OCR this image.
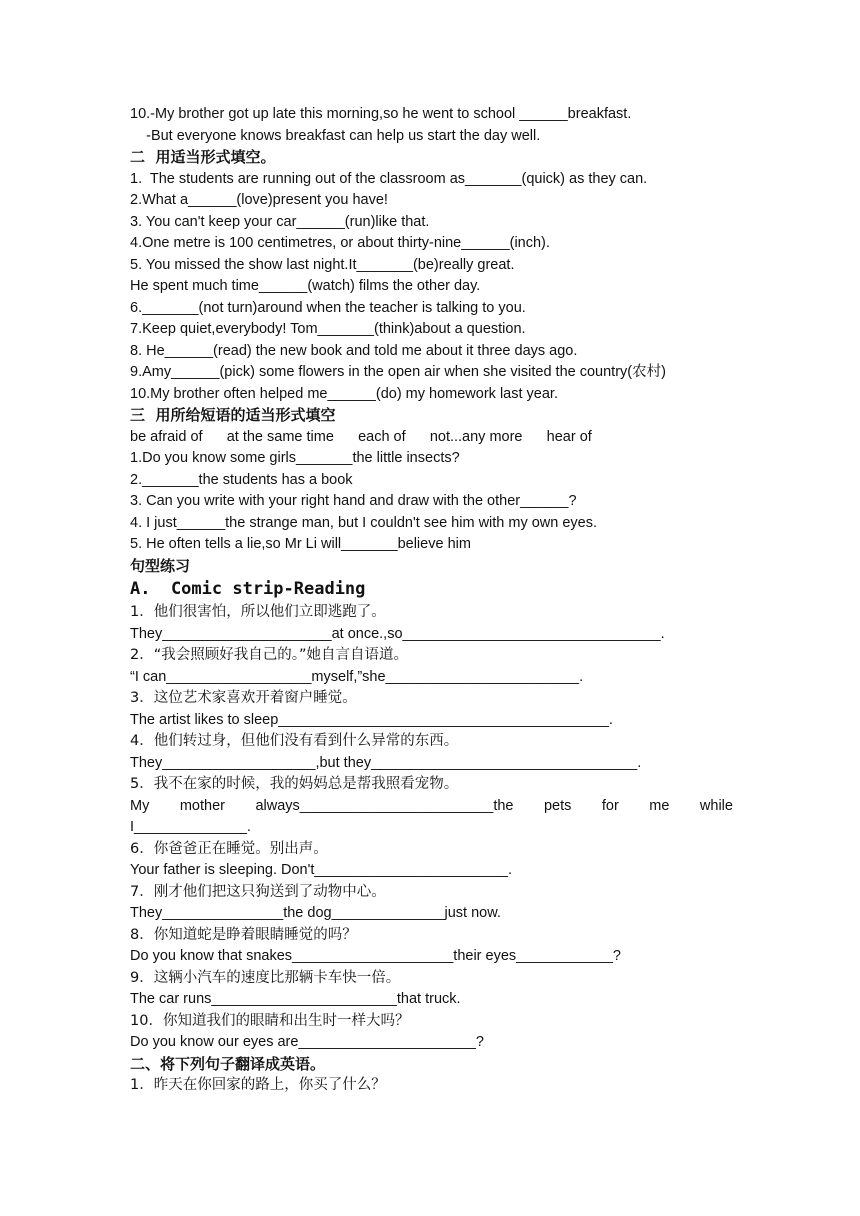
10.-My brother got up late this morning,so he went to school ______breakfast.
-But everyone knows breakfast can help us start the day well.
二  用适当形式填空。
1.  The students are running out of the classroom as_______(quick) as they can.
2.What a______(love)present you have!
3. You can't keep your car______(run)like that.
4.One metre is 100 centimetres, or about thirty-nine______(inch).
5. You missed the show last night.It_______(be)really great.
He spent much time______(watch) films the other day.
6._______(not turn)around when the teacher is talking to you.
7.Keep quiet,everybody! Tom_______(think)about a question.
8. He______(read) the new book and told me about it three days ago.
9.Amy______(pick) some flowers in the open air when she visited the country(农村)
10.My brother often helped me______(do) my homework last year.
三  用所给短语的适当形式填空
be afraid of      at the same time      each of      not...any more      hear of
1.Do you know some girls_______the little insects?
2._______the students has a book
3. Can you write with your right hand and draw with the other______?
4. I just______the strange man, but I couldn't see him with my own eyes.
5. He often tells a lie,so Mr Li will_______believe him
句型练习
A.  Comic strip-Reading
1．他们很害怕，所以他们立即逃跑了。
They_____________________at once.,so________________________________.
2．“我会照顾好我自己的。”她自言自语道。
“I can__________________myself,”she________________________.
3．这位艺术家喜欢开着窗户睡觉。
The artist likes to sleep_________________________________________.
4．他们转过身，但他们没有看到什么异常的东西。
They___________________,but they_________________________________.
5．我不在家的时候，我的妈妈总是帮我照看宠物。
My mother always________________________the pets for me while
I______________.
6．你爸爸正在睡觉。别出声。
Your father is sleeping. Don't________________________.
7．刚才他们把这只狗送到了动物中心。
They_______________the dog______________just now.
8．你知道蛇是睁着眼睛睡觉的吗？
Do you know that snakes____________________their eyes____________?
9．这辆小汽车的速度比那辆卡车快一倍。
The car runs_______________________that truck.
10．你知道我们的眼睛和出生时一样大吗？
Do you know our eyes are______________________?
二、将下列句子翻译成英语。
1．昨天在你回家的路上，你买了什么？
